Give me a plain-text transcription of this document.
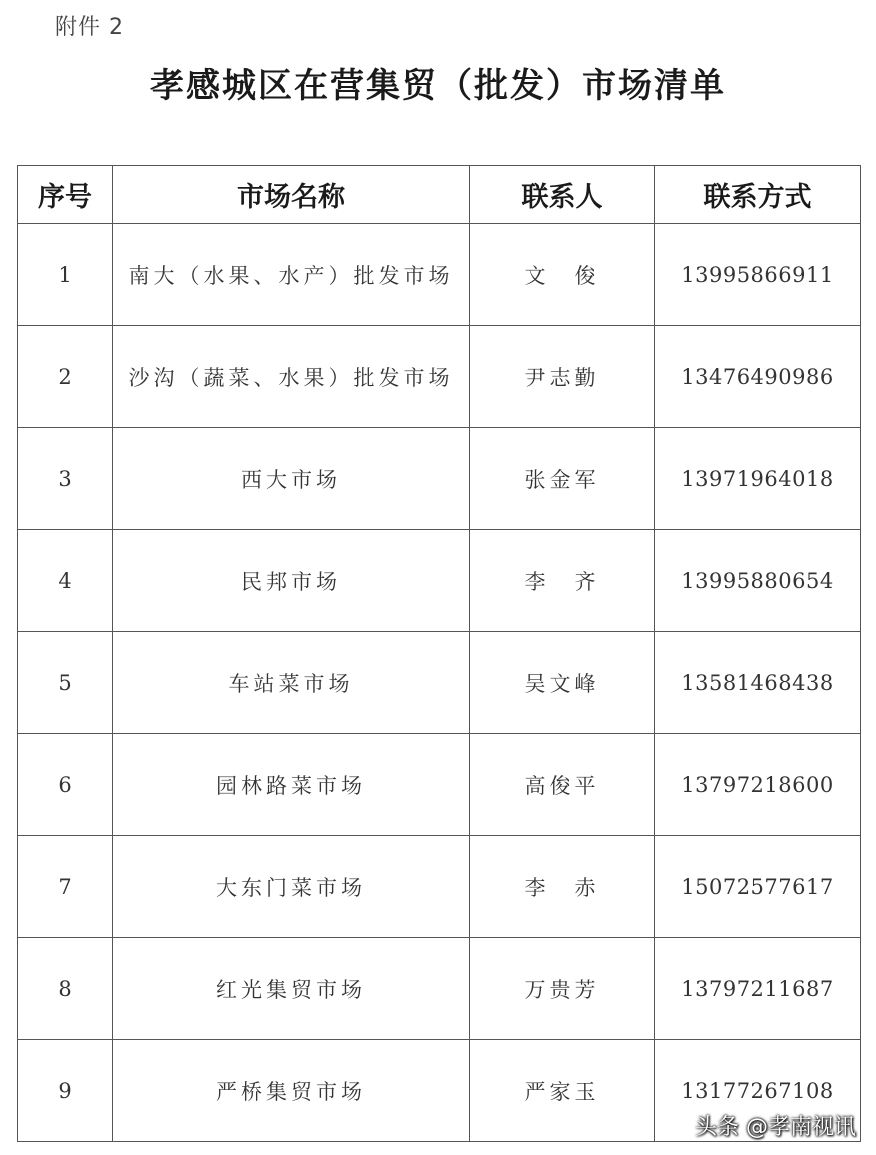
附件 2
孝感城区在营集贸（批发）市场清单
序号	市场名称	联系人	联系方式
1	南大（水果、水产）批发市场	文　俊	13995866911
2	沙沟（蔬菜、水果）批发市场	尹志勤	13476490986
3	西大市场	张金军	13971964018
4	民邦市场	李　齐	13995880654
5	车站菜市场	吴文峰	13581468438
6	园林路菜市场	高俊平	13797218600
7	大东门菜市场	李　赤	15072577617
8	红光集贸市场	万贵芳	13797211687
9	严桥集贸市场	严家玉	13177267108
头条 @孝南视讯
